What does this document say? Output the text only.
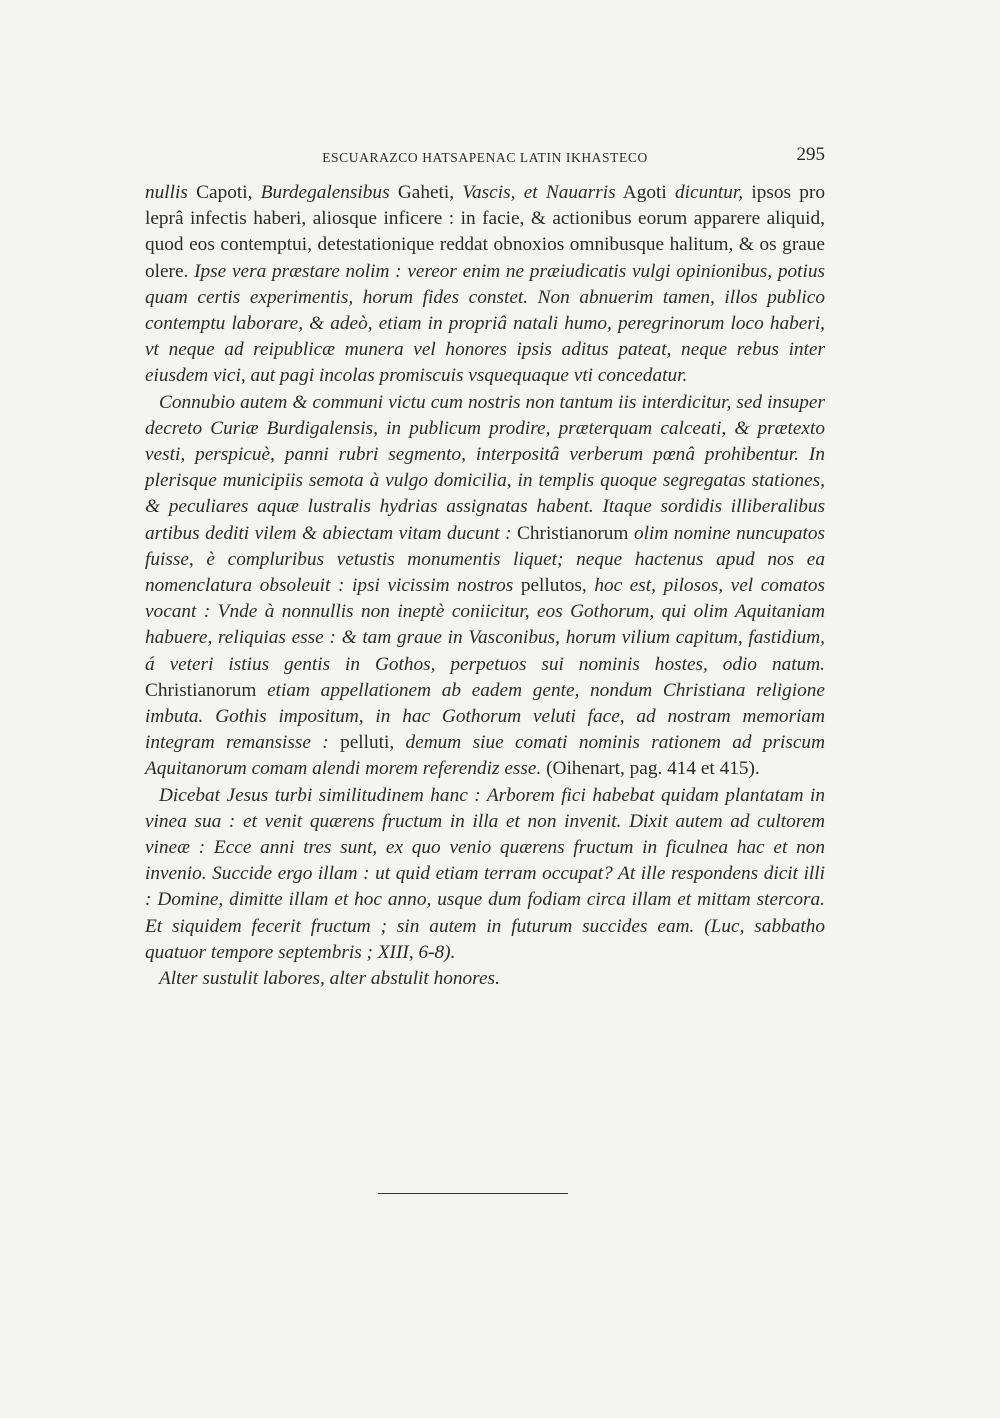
ESCUARAZCO HATSAPENAC LATIN IKHASTECO	295

nullis Capoti, Burdegalensibus Gaheti, Vascis, et Nauarris Agoti dicuntur, ipsos pro leprâ infectis haberi, aliosque inficere : in facie, & actionibus eorum apparere aliquid, quod eos contemptui, detestationique reddat obnoxios omnibusque halitum, & os graue olere. Ipse vera præstare nolim : vereor enim ne præiudicatis vulgi opinionibus, potius quam certis experimentis, horum fides constet. Non abnuerim tamen, illos publico contemptu laborare, & adeò, etiam in propriâ natali humo, peregrinorum loco haberi, vt neque ad reipublicæ munera vel honores ipsis aditus pateat, neque rebus inter eiusdem vici, aut pagi incolas promiscuis vsquequaque vti concedatur.

Connubio autem & communi victu cum nostris non tantum iis interdicitur, sed insuper decreto Curiæ Burdigalensis, in publicum prodire, præterquam calceati, & prætexto vesti, perspicuè, panni rubri segmento, interpositâ verberum pœnâ prohibentur. In plerisque municipiis semota à vulgo domicilia, in templis quoque segregatas stationes, & peculiares aquæ lustralis hydrias assignatas habent. Itaque sordidis illiberalibus artibus dediti vilem & abiectam vitam ducunt : Christianorum olim nomine nuncupatos fuisse, è compluribus vetustis monumentis liquet; neque hactenus apud nos ea nomenclatura obsoleuit : ipsi vicissim nostros pellutos, hoc est, pilosos, vel comatos vocant : Vnde à nonnullis non ineptè coniicitur, eos Gothorum, qui olim Aquitaniam habuere, reliquias esse : & tam graue in Vasconibus, horum vilium capitum, fastidium, á veteri istius gentis in Gothos, perpetuos sui nominis hostes, odio natum. Christianorum etiam appellationem ab eadem gente, nondum Christiana religione imbuta. Gothis impositum, in hac Gothorum veluti face, ad nostram memoriam integram remansisse : pelluti, demum siue comati nominis rationem ad priscum Aquitanorum comam alendi morem referendiz esse. (Oihenart, pag. 414 et 415).

Dicebat Jesus turbi similitudinem hanc : Arborem fici habebat quidam plantatam in vinea sua : et venit quærens fructum in illa et non invenit. Dixit autem ad cultorem vineæ : Ecce anni tres sunt, ex quo venio quærens fructum in ficulnea hac et non invenio. Succide ergo illam : ut quid etiam terram occupat? At ille respondens dicit illi : Domine, dimitte illam et hoc anno, usque dum fodiam circa illam et mittam stercora. Et siquidem fecerit fructum ; sin autem in futurum succides eam. (Luc, sabbatho quatuor tempore septembris ; XIII, 6-8).

Alter sustulit labores, alter abstulit honores.
